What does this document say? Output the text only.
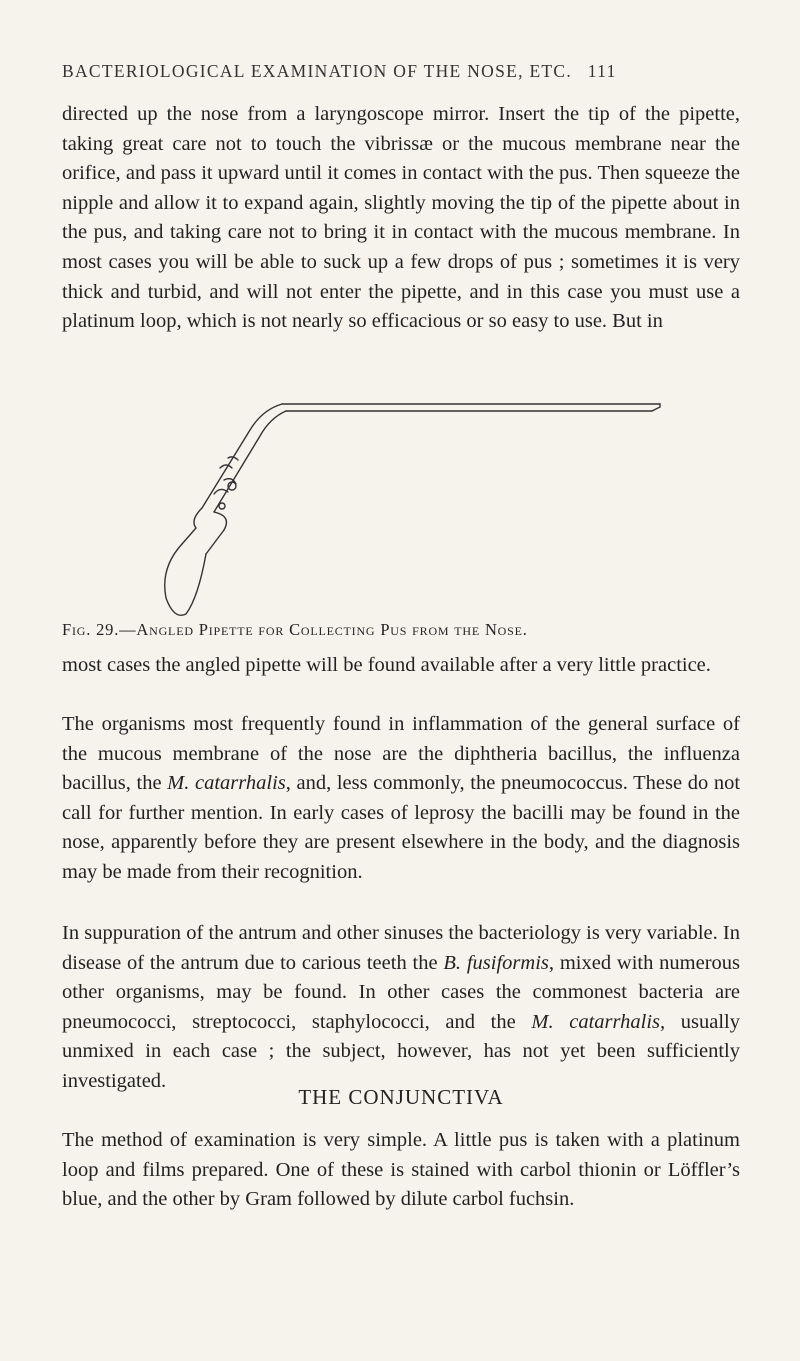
BACTERIOLOGICAL EXAMINATION OF THE NOSE, ETC. 111

directed up the nose from a laryngoscope mirror. Insert the tip of the pipette, taking great care not to touch the vibrissæ or the mucous membrane near the orifice, and pass it upward until it comes in contact with the pus. Then squeeze the nipple and allow it to expand again, slightly moving the tip of the pipette about in the pus, and taking care not to bring it in contact with the mucous membrane. In most cases you will be able to suck up a few drops of pus ; sometimes it is very thick and turbid, and will not enter the pipette, and in this case you must use a platinum loop, which is not nearly so efficacious or so easy to use. But in

Fig. 29.—Angled Pipette for Collecting Pus from the Nose.

most cases the angled pipette will be found available after a very little practice.

The organisms most frequently found in inflammation of the general surface of the mucous membrane of the nose are the diphtheria bacillus, the influenza bacillus, the M. catarrhalis, and, less commonly, the pneumococcus. These do not call for further mention. In early cases of leprosy the bacilli may be found in the nose, apparently before they are present elsewhere in the body, and the diagnosis may be made from their recognition.

In suppuration of the antrum and other sinuses the bacteriology is very variable. In disease of the antrum due to carious teeth the B. fusiformis, mixed with numerous other organisms, may be found. In other cases the commonest bacteria are pneumococci, streptococci, staphylococci, and the M. catarrhalis, usually unmixed in each case ; the subject, however, has not yet been sufficiently investigated.

THE CONJUNCTIVA

The method of examination is very simple. A little pus is taken with a platinum loop and films prepared. One of these is stained with carbol thionin or Löffler’s blue, and the other by Gram followed by dilute carbol fuchsin.
